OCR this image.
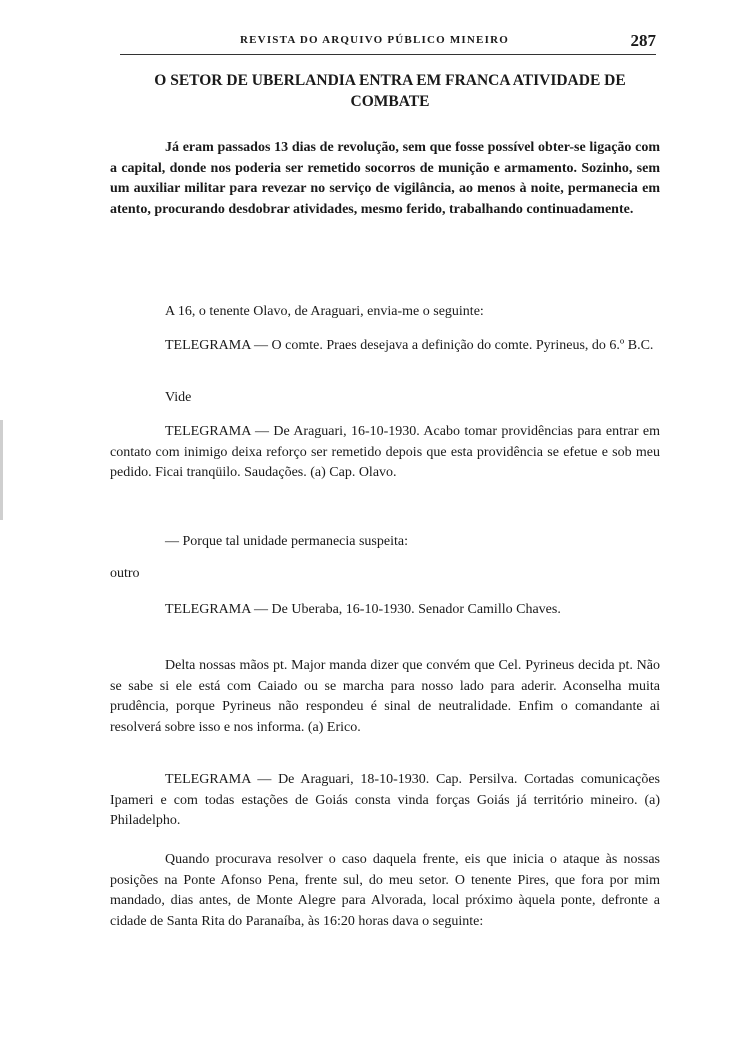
REVISTA DO ARQUIVO PÚBLICO MINEIRO	287
O SETOR DE UBERLANDIA ENTRA EM FRANCA ATIVIDADE DE COMBATE

Já eram passados 13 dias de revolução, sem que fosse possível obter-se ligação com a capital, donde nos poderia ser remetido socorros de munição e armamento. Sozinho, sem um auxiliar militar para revezar no serviço de vigilância, ao menos à noite, permanecia em atento, procurando desdobrar atividades, mesmo ferido, trabalhando continuadamente.

A 16, o tenente Olavo, de Araguari, envia-me o seguinte:

TELEGRAMA — O comte. Praes desejava a definição do comte. Pyrineus, do 6.º B.C.

Vide

TELEGRAMA — De Araguari, 16-10-1930. Acabo tomar providências para entrar em contato com inimigo deixa reforço ser remetido depois que esta providência se efetue e sob meu pedido. Ficai tranqüilo. Saudações. (a) Cap. Olavo.

— Porque tal unidade permanecia suspeita:

outro

TELEGRAMA — De Uberaba, 16-10-1930. Senador Camillo Chaves.

Delta nossas mãos pt. Major manda dizer que convém que Cel. Pyrineus decida pt. Não se sabe si ele está com Caiado ou se marcha para nosso lado para aderir. Aconselha muita prudência, porque Pyrineus não respondeu é sinal de neutralidade. Enfim o comandante ai resolverá sobre isso e nos informa. (a) Erico.

TELEGRAMA — De Araguari, 18-10-1930. Cap. Persilva. Cortadas comunicações Ipameri e com todas estações de Goiás consta vinda forças Goiás já território mineiro. (a) Philadelpho.

Quando procurava resolver o caso daquela frente, eis que inicia o ataque às nossas posições na Ponte Afonso Pena, frente sul, do meu setor. O tenente Pires, que fora por mim mandado, dias antes, de Monte Alegre para Alvorada, local próximo àquela ponte, defronte a cidade de Santa Rita do Paranaíba, às 16:20 horas dava o seguinte:
